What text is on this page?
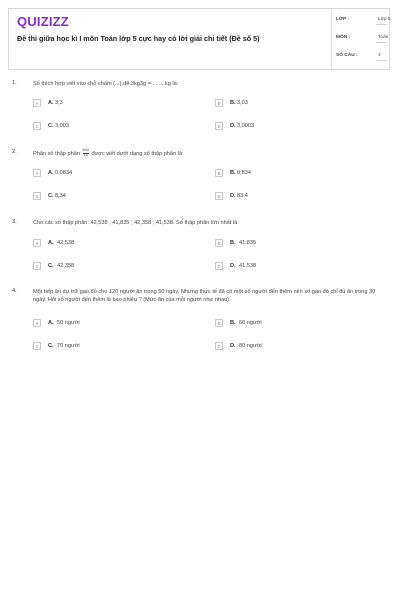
QUIZIZZ
Đề thi giữa học kì I môn Toán lớp 5 cực hay có lời giải chi tiết (Đề số 5)
LỚP :	Lớp 5
MÔN :	Toán
SỐ CÂU :	4
1.	Số thích hợp viết vào chỗ chấm (...) để 3kg3g = ........kg là:
A	A. 3,3	B	B. 3,03
C	C. 3,003	D	D. 3,0003
2.	Phân số thập phân $\frac{834}{10}$ được viết dưới dạng số thập phân là:
A	A. 0,0834	B	B. 0,834
C	C. 8,34	D	D. 83,4
3.	Cho các số thập phân: 42,538 ; 41,835 ; 42,358 ; 41,538. Số thập phân lớn nhất là:
A	A. 42,538	B	B. 41,835
C	C. 42,358	D	D. 41,538
4.	Một bếp ăn dự trữ gạo đủ cho 120 người ăn trong 50 ngày. Nhưng thực tế đã có một số người đến thêm nên số gạo đó chỉ đủ ăn trong 30 ngày. Hỏi số người đến thêm là bao nhiêu ? (Mức ăn của mỗi người như nhau)
A	A. 50 người	B	B. 60 người
C	C. 70 người	D	D. 80 người
